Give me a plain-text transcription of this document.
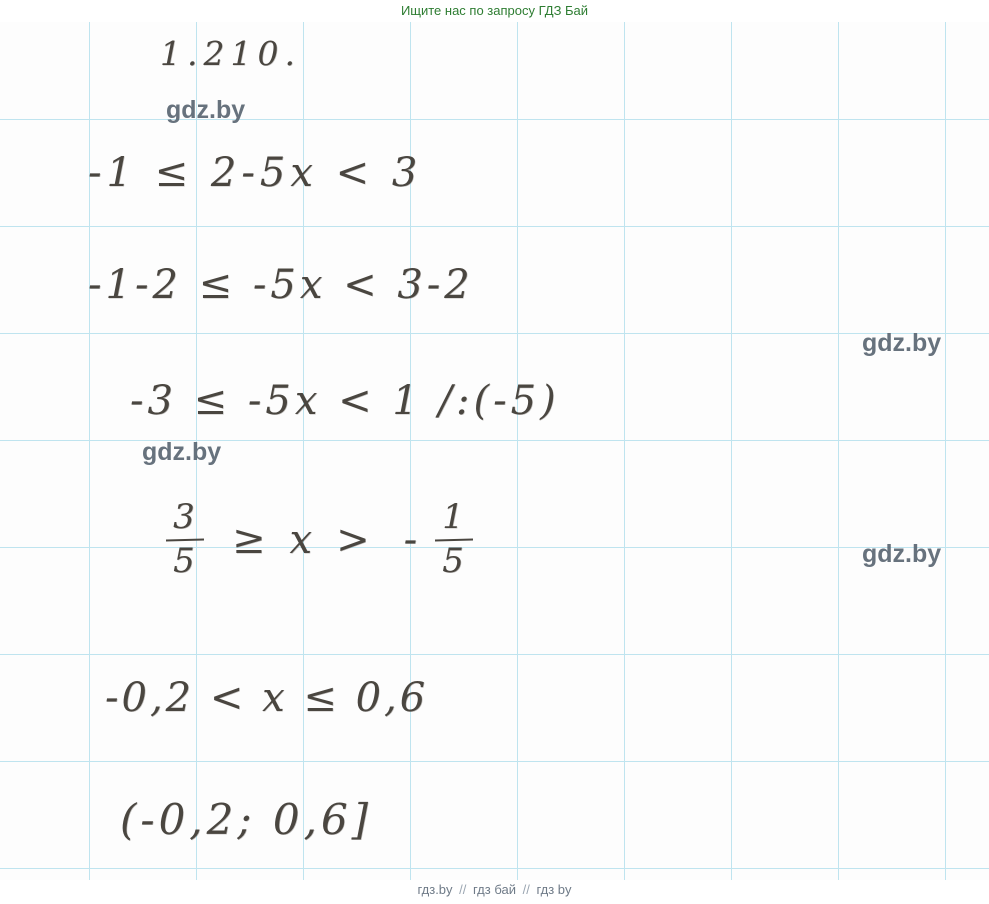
Ищите нас по запросу ГДЗ Бай
1.210.
-1 ≤ 2-5x < 3
-1-2 ≤ -5x < 3-2
-3 ≤ -5x < 1 /:(-5)
$\frac{3}{5} \ge x$ > - $\frac{1}{5}$
-0,2 < x ≤ 0,6
(-0,2; 0,6]
gdz.by
gdz.by
gdz.by
gdz.by
гдз.by // гдз бай // гдз by
